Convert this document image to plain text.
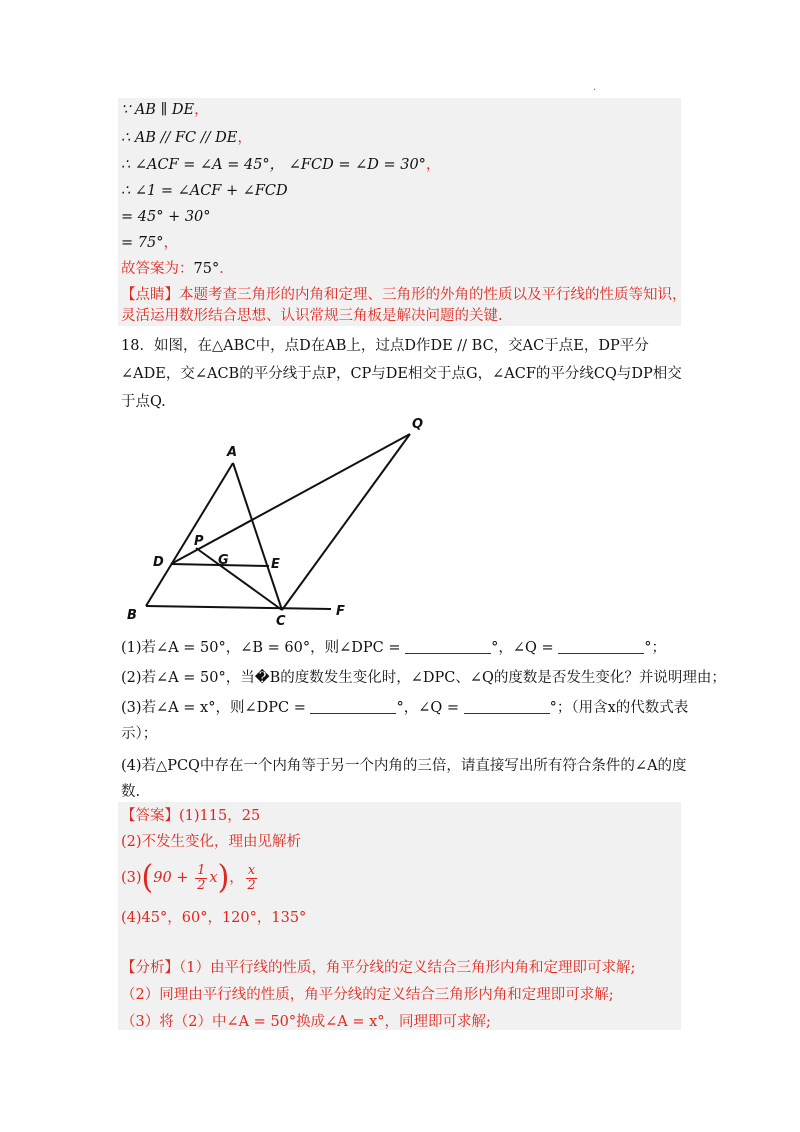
.
∵ AB ∥ DE，
∴ AB // FC // DE，
∴ ∠ACF = ∠A = 45°， ∠FCD = ∠D = 30°，
∴ ∠1 = ∠ACF + ∠FCD
= 45° + 30°
= 75°，
故答案为：75°．
【点睛】本题考查三角形的内角和定理、三角形的外角的性质以及平行线的性质等知识，
灵活运用数形结合思想、认识常规三角板是解决问题的关键.
18．如图，在△ABC中，点D在AB上，过点D作DE // BC，交AC于点E，DP平分
∠ADE，交∠ACB的平分线于点P，CP与DE相交于点G，∠ACF的平分线CQ与DP相交
于点Q.
A
B	C
D	E
F
G
P
Q
(1)若∠A = 50°，∠B = 60°，则∠DPC =	°，∠Q =	°；
(2)若∠A = 50°，当�B的度数发生变化时，∠DPC、∠Q的度数是否发生变化？并说明理由；
(3)若∠A = x°，则∠DPC =	°，∠Q =	°；（用含x的代数式表
示）；
(4)若△PCQ中存在一个内角等于另一个内角的三倍，请直接写出所有符合条件的∠A的度
数.
【答案】(1)115，25
(2)不发生变化，理由见解析
$(3)(90 + \frac{1}{2} x)$， $\frac{x}{2}$
(4)45°，60°，120°，135°
【分析】（1）由平行线的性质，角平分线的定义结合三角形内角和定理即可求解;
（2）同理由平行线的性质，角平分线的定义结合三角形内角和定理即可求解;
（3）将（2）中∠A = 50°换成∠A = x°，同理即可求解;
